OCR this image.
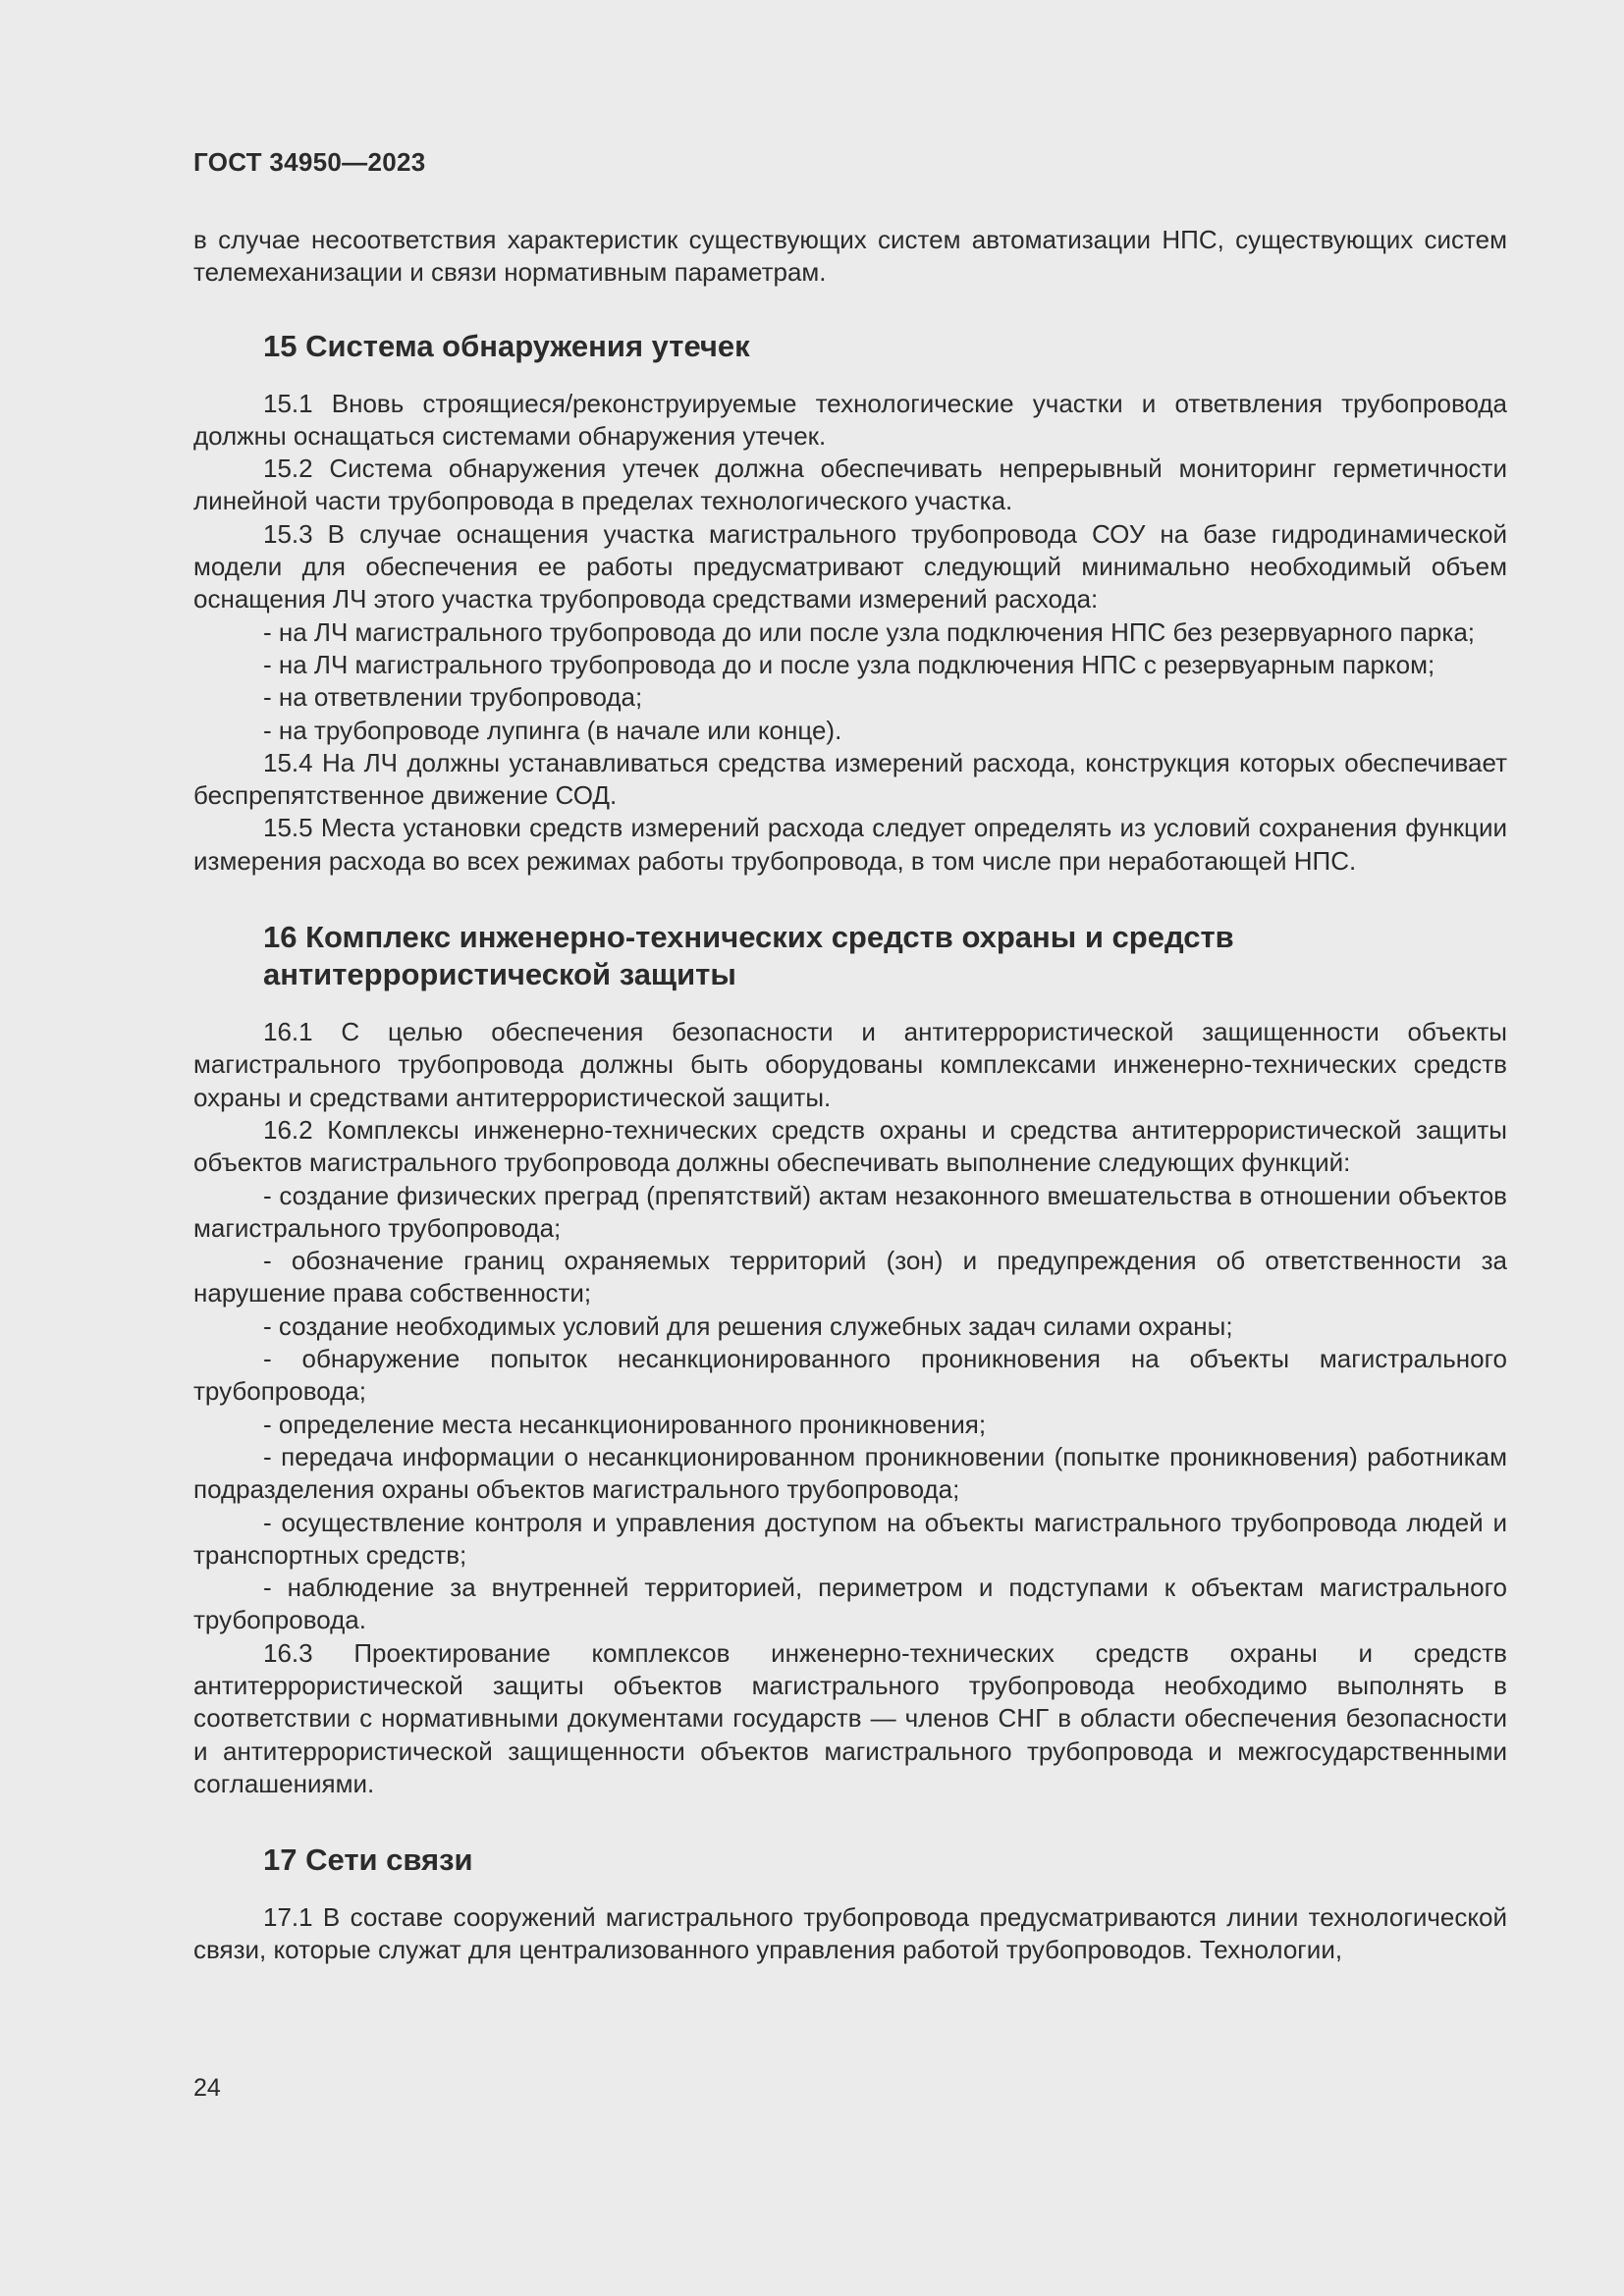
ГОСТ 34950—2023

в случае несоответствия характеристик существующих систем автоматизации НПС, существующих систем телемеханизации и связи нормативным параметрам.

15 Система обнаружения утечек

15.1 Вновь строящиеся/реконструируемые технологические участки и ответвления трубопровода должны оснащаться системами обнаружения утечек.

15.2 Система обнаружения утечек должна обеспечивать непрерывный мониторинг герметичности линейной части трубопровода в пределах технологического участка.

15.3 В случае оснащения участка магистрального трубопровода СОУ на базе гидродинамической модели для обеспечения ее работы предусматривают следующий минимально необходимый объем оснащения ЛЧ этого участка трубопровода средствами измерений расхода:

- на ЛЧ магистрального трубопровода до или после узла подключения НПС без резервуарного парка;

- на ЛЧ магистрального трубопровода до и после узла подключения НПС с резервуарным парком;

- на ответвлении трубопровода;

- на трубопроводе лупинга (в начале или конце).

15.4 На ЛЧ должны устанавливаться средства измерений расхода, конструкция которых обеспечивает беспрепятственное движение СОД.

15.5 Места установки средств измерений расхода следует определять из условий сохранения функции измерения расхода во всех режимах работы трубопровода, в том числе при неработающей НПС.

16 Комплекс инженерно-технических средств охраны и средств
антитеррористической защиты

16.1 С целью обеспечения безопасности и антитеррористической защищенности объекты магистрального трубопровода должны быть оборудованы комплексами инженерно-технических средств охраны и средствами антитеррористической защиты.

16.2 Комплексы инженерно-технических средств охраны и средства антитеррористической защиты объектов магистрального трубопровода должны обеспечивать выполнение следующих функций:

- создание физических преград (препятствий) актам незаконного вмешательства в отношении объектов магистрального трубопровода;

- обозначение границ охраняемых территорий (зон) и предупреждения об ответственности за нарушение права собственности;

- создание необходимых условий для решения служебных задач силами охраны;

- обнаружение попыток несанкционированного проникновения на объекты магистрального трубопровода;

- определение места несанкционированного проникновения;

- передача информации о несанкционированном проникновении (попытке проникновения) работникам подразделения охраны объектов магистрального трубопровода;

- осуществление контроля и управления доступом на объекты магистрального трубопровода людей и транспортных средств;

- наблюдение за внутренней территорией, периметром и подступами к объектам магистрального трубопровода.

16.3 Проектирование комплексов инженерно-технических средств охраны и средств антитеррористической защиты объектов магистрального трубопровода необходимо выполнять в соответствии с нормативными документами государств — членов СНГ в области обеспечения безопасности и антитеррористической защищенности объектов магистрального трубопровода и межгосударственными соглашениями.

17 Сети связи

17.1 В составе сооружений магистрального трубопровода предусматриваются линии технологической связи, которые служат для централизованного управления работой трубопроводов. Технологии,

24
